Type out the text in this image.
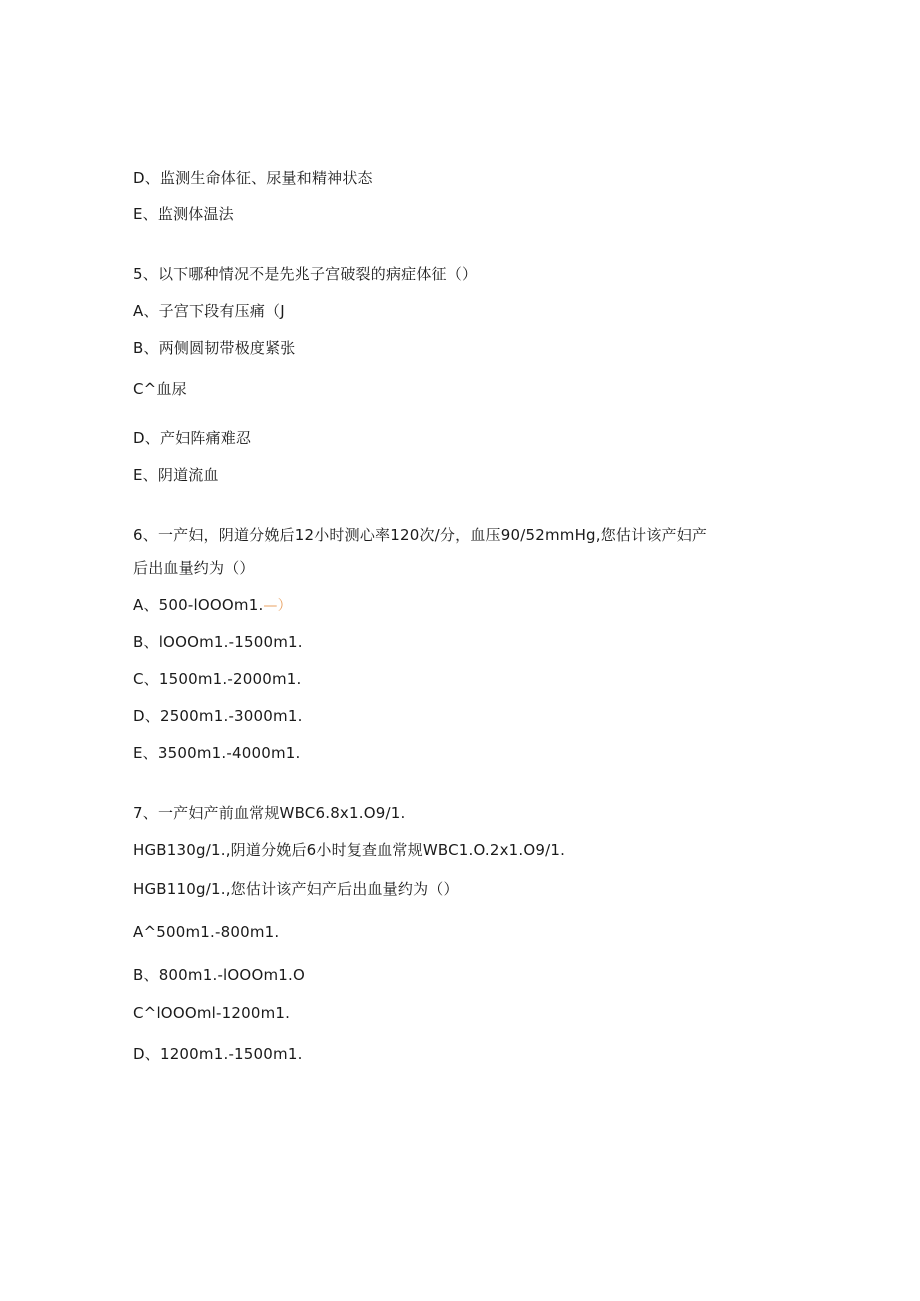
D、监测生命体征、尿量和精神状态
E、监测体温法
5、以下哪种情况不是先兆子宫破裂的病症体征（）
A、子宫下段有压痛（J
B、两侧圆韧带极度紧张
C^血尿
D、产妇阵痛难忍
E、阴道流血
6、一产妇，阴道分娩后12小时测心率120次/分，血压90∕52mmHg,您估计该产妇产
后出血量约为（）
A、500-lOOOm1.—）
B、lOOOm1.-1500m1.
C、1500m1.-2000m1.
D、2500m1.-3000m1.
E、3500m1.-4000m1.
7、一产妇产前血常规WBC6.8x1.O9∕1.
HGB130g∕1.,阴道分娩后6小时复查血常规WBC1.O.2x1.O9∕1.
HGB110g∕1.,您估计该产妇产后出血量约为（）
A^500m1.-800m1.
B、800m1.-lOOOm1.O
C^lOOOml-1200m1.
D、1200m1.-1500m1.
